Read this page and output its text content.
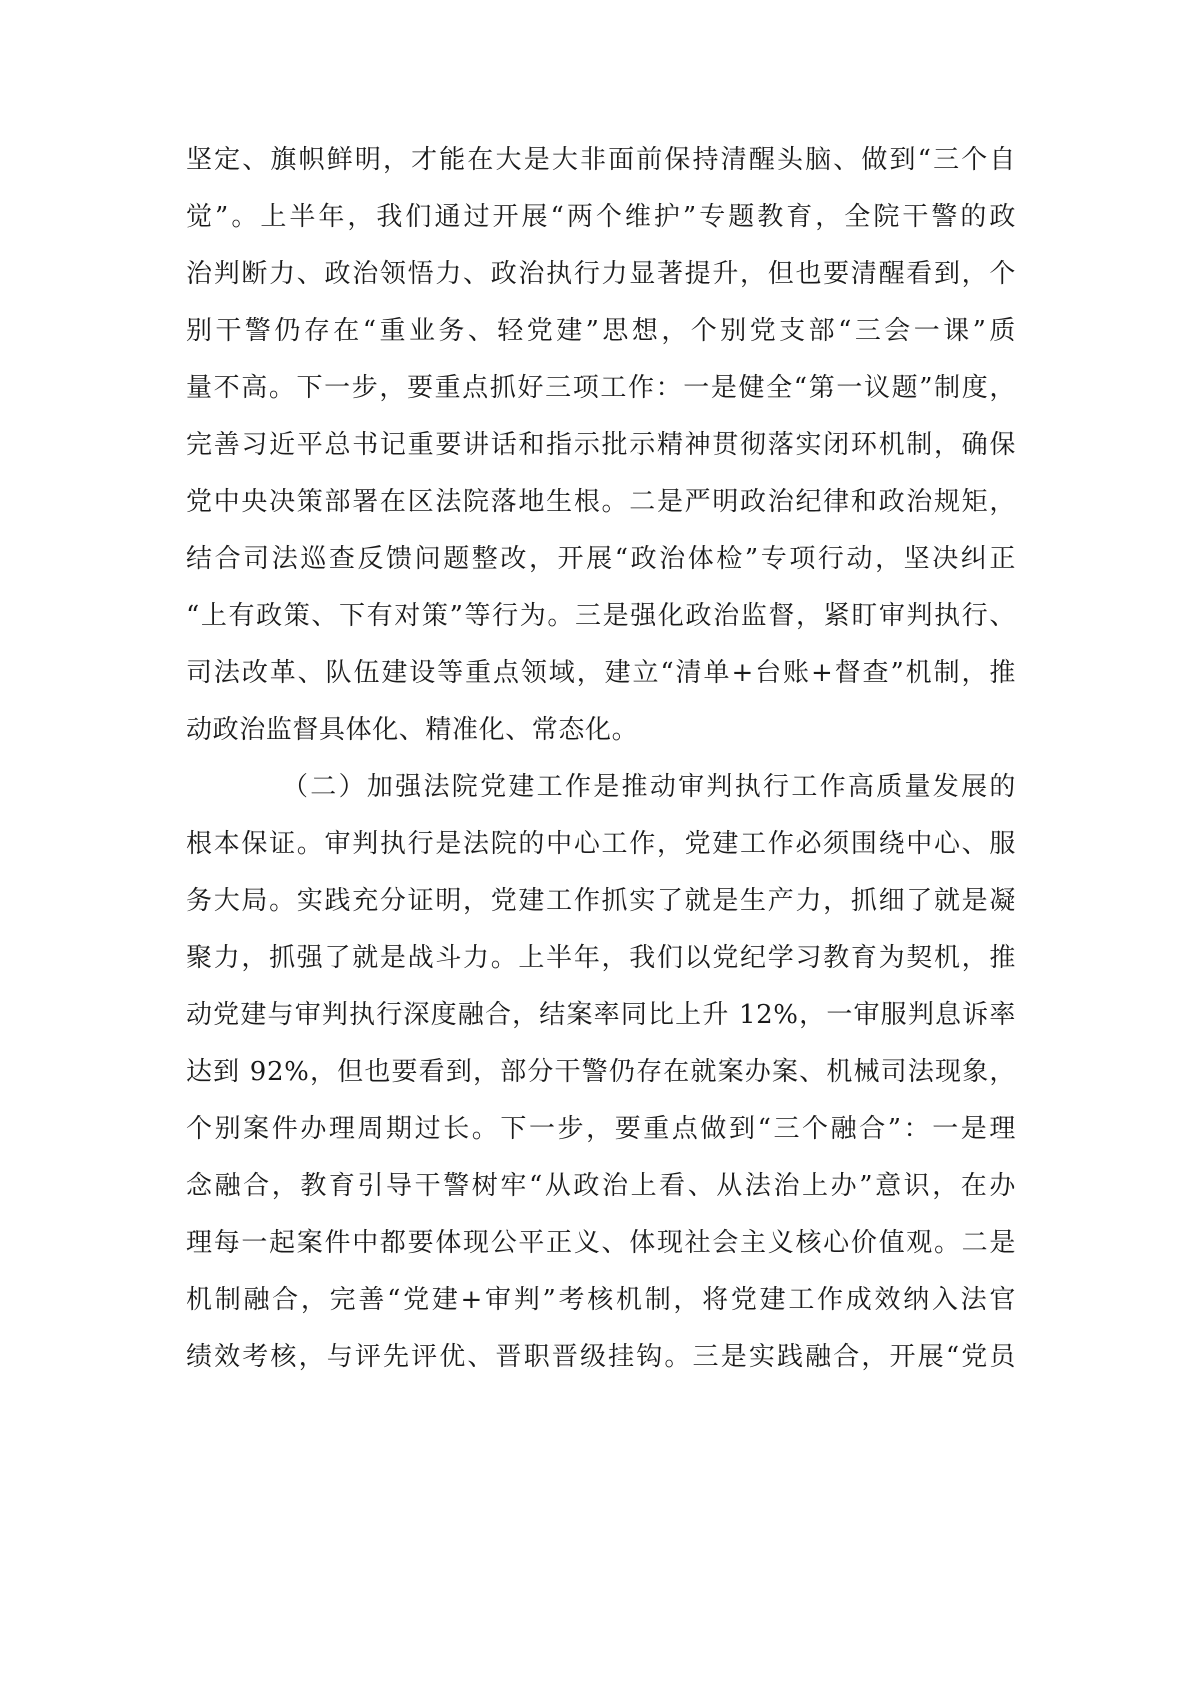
坚定、旗帜鲜明，才能在大是大非面前保持清醒头脑、做到“三个自
觉”。上半年，我们通过开展“两个维护”专题教育，全院干警的政
治判断力、政治领悟力、政治执行力显著提升，但也要清醒看到，个
别干警仍存在“重业务、轻党建”思想，个别党支部“三会一课”质
量不高。下一步，要重点抓好三项工作：一是健全“第一议题”制度，
完善习近平总书记重要讲话和指示批示精神贯彻落实闭环机制，确保
党中央决策部署在区法院落地生根。二是严明政治纪律和政治规矩，
结合司法巡查反馈问题整改，开展“政治体检”专项行动，坚决纠正
“上有政策、下有对策”等行为。三是强化政治监督，紧盯审判执行、
司法改革、队伍建设等重点领域，建立“清单+台账+督查”机制，推
动政治监督具体化、精准化、常态化。
（二）加强法院党建工作是推动审判执行工作高质量发展的
根本保证。审判执行是法院的中心工作，党建工作必须围绕中心、服
务大局。实践充分证明，党建工作抓实了就是生产力，抓细了就是凝
聚力，抓强了就是战斗力。上半年，我们以党纪学习教育为契机，推
动党建与审判执行深度融合，结案率同比上升 12%，一审服判息诉率
达到 92%，但也要看到，部分干警仍存在就案办案、机械司法现象，
个别案件办理周期过长。下一步，要重点做到“三个融合”：一是理
念融合，教育引导干警树牢“从政治上看、从法治上办”意识，在办
理每一起案件中都要体现公平正义、体现社会主义核心价值观。二是
机制融合，完善“党建+审判”考核机制，将党建工作成效纳入法官
绩效考核，与评先评优、晋职晋级挂钩。三是实践融合，开展“党员
